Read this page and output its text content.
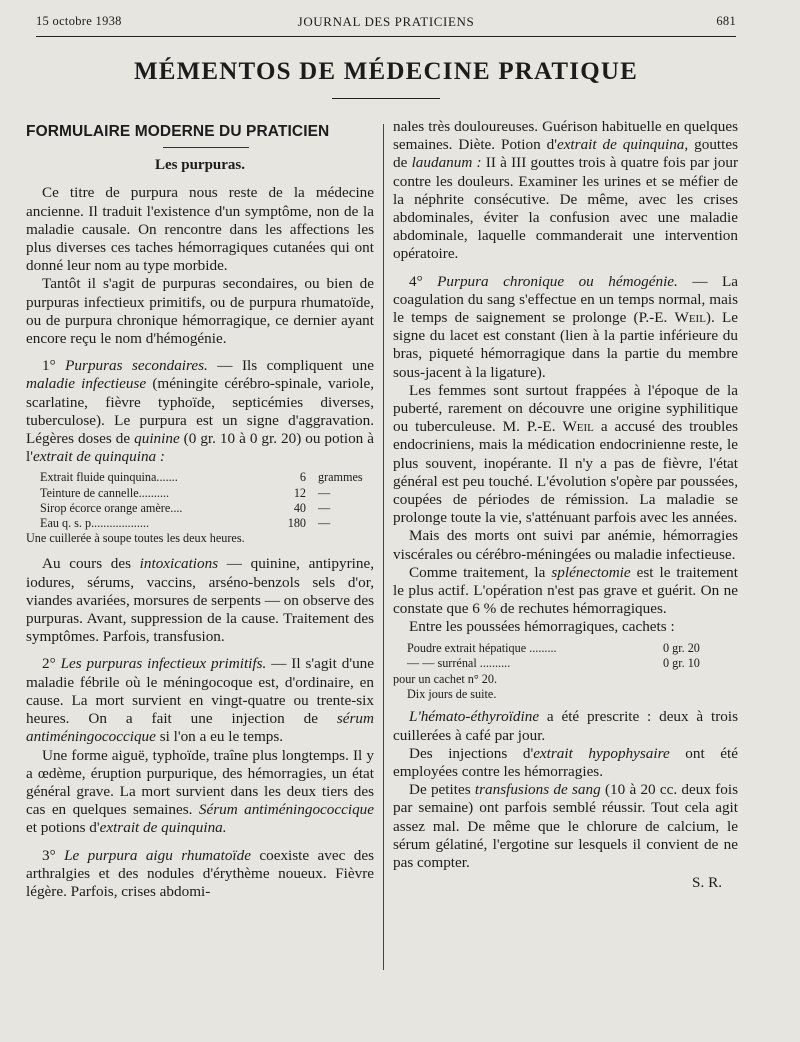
15 octobre 1938	JOURNAL DES PRATICIENS	681
MÉMENTOS DE MÉDECINE PRATIQUE
FORMULAIRE MODERNE DU PRATICIEN
Les purpuras.

Ce titre de purpura nous reste de la médecine ancienne. Il traduit l'existence d'un symptôme, non de la maladie causale. On rencontre dans les affections les plus diverses ces taches hémorragiques cutanées qui ont donné leur nom au type morbide.

Tantôt il s'agit de purpuras secondaires, ou bien de purpuras infectieux primitifs, ou de purpura rhumatoïde, ou de purpura chronique hémorragique, ce dernier ayant encore reçu le nom d'hémogénie.

1° Purpuras secondaires. — Ils compliquent une maladie infectieuse (méningite cérébro-spinale, variole, scarlatine, fièvre typhoïde, septicémies diverses, tuberculose). Le purpura est un signe d'aggravation. Légères doses de quinine (0 gr. 10 à 0 gr. 20) ou potion à l'extrait de quinquina :

Extrait fluide quinquina.......	6 grammes
Teinture de cannelle..........	12 —
Sirop écorce orange amère....	40 —
Eau q. s. p...................	180 —
Une cuillerée à soupe toutes les deux heures.

Au cours des intoxications — quinine, antipyrine, iodures, sérums, vaccins, arséno-benzols sels d'or, viandes avariées, morsures de serpents — on observe des purpuras. Avant, suppression de la cause. Traitement des symptômes. Parfois, transfusion.

2° Les purpuras infectieux primitifs. — Il s'agit d'une maladie fébrile où le méningocoque est, d'ordinaire, en cause. La mort survient en vingt-quatre ou trente-six heures. On a fait une injection de sérum antiméningococcique si l'on a eu le temps.

Une forme aiguë, typhoïde, traîne plus longtemps. Il y a œdème, éruption purpurique, des hémorragies, un état général grave. La mort survient dans les deux tiers des cas en quelques semaines. Sérum antiméningococcique et potions d'extrait de quinquina.

3° Le purpura aigu rhumatoïde coexiste avec des arthralgies et des nodules d'érythème noueux. Fièvre légère. Parfois, crises abdomi-

nales très douloureuses. Guérison habituelle en quelques semaines. Diète. Potion d'extrait de quinquina, gouttes de laudanum : II à III gouttes trois à quatre fois par jour contre les douleurs. Examiner les urines et se méfier de la néphrite consécutive. De même, avec les crises abdominales, éviter la confusion avec une maladie abdominale, laquelle commanderait une intervention opératoire.

4° Purpura chronique ou hémogénie. — La coagulation du sang s'effectue en un temps normal, mais le temps de saignement se prolonge (P.-E. Weil). Le signe du lacet est constant (lien à la partie inférieure du bras, piqueté hémorragique dans la partie du membre sous-jacent à la ligature).

Les femmes sont surtout frappées à l'époque de la puberté, rarement on découvre une origine syphilitique ou tuberculeuse. M. P.-E. Weil a accusé des troubles endocriniens, mais la médication endocrinienne reste, le plus souvent, inopérante. Il n'y a pas de fièvre, l'état général est peu touché. L'évolution s'opère par poussées, coupées de périodes de rémission. La maladie se prolonge toute la vie, s'atténuant parfois avec les années.

Mais des morts ont suivi par anémie, hémorragies viscérales ou cérébro-méningées ou maladie infectieuse.

Comme traitement, la splénectomie est le traitement le plus actif. L'opération n'est pas grave et guérit. On ne constate que 6 % de rechutes hémorragiques.

Entre les poussées hémorragiques, cachets :

Poudre extrait hépatique .........	0 gr. 20
— — surrénal ..........	0 gr. 10
pour un cachet n° 20.
Dix jours de suite.

L'hémato-éthyroïdine a été prescrite : deux à trois cuillerées à café par jour.

Des injections d'extrait hypophysaire ont été employées contre les hémorragies.

De petites transfusions de sang (10 à 20 cc. deux fois par semaine) ont parfois semblé réussir. Tout cela agit assez mal. De même que le chlorure de calcium, le sérum gélatiné, l'ergotine sur lesquels il convient de ne pas compter.

S. R.
